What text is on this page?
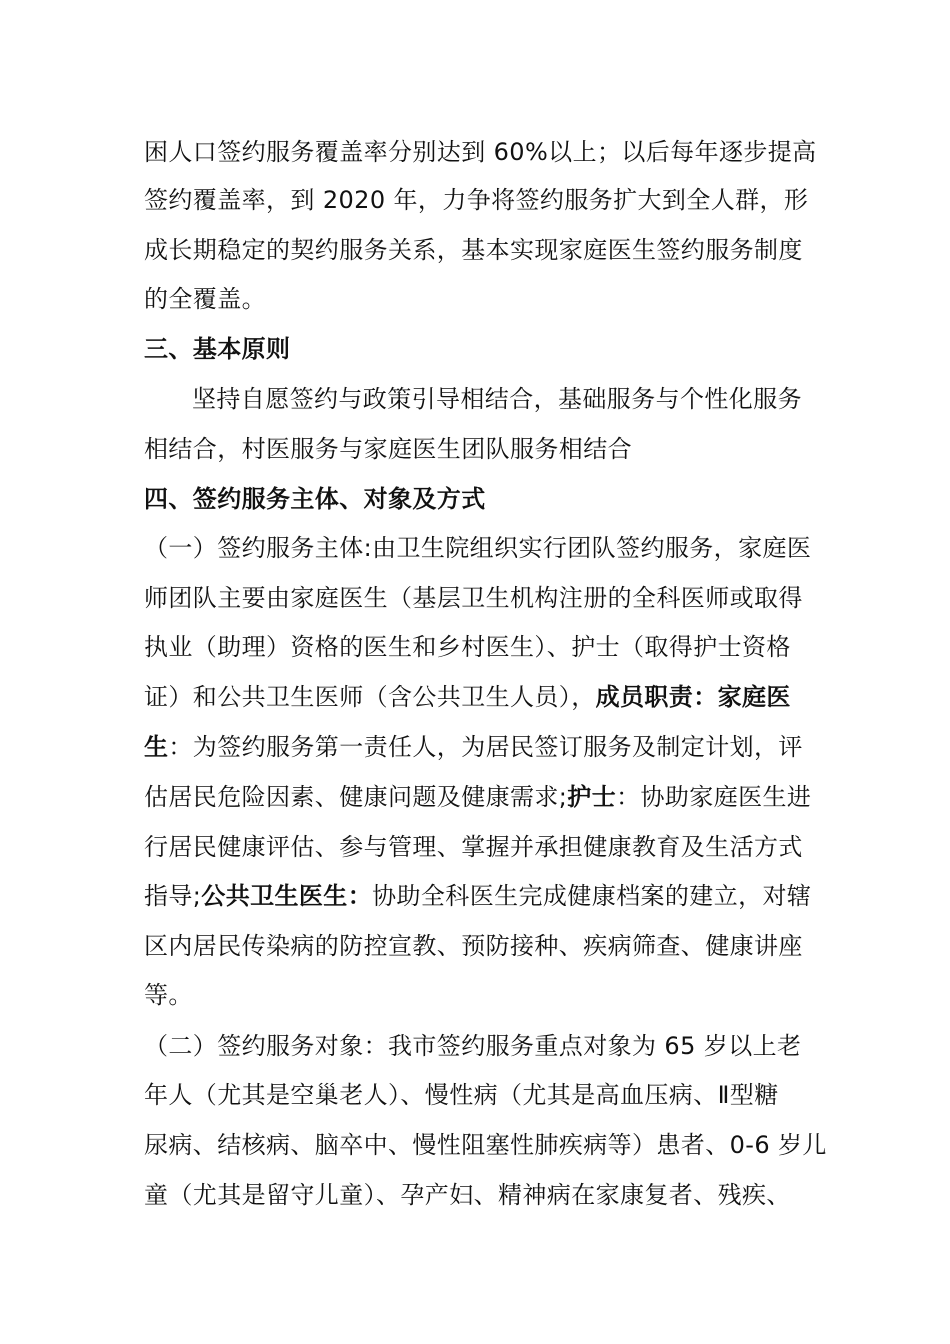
困人口签约服务覆盖率分别达到 60%以上；以后每年逐步提高
签约覆盖率，到 2020 年，力争将签约服务扩大到全人群，形
成长期稳定的契约服务关系，基本实现家庭医生签约服务制度
的全覆盖。
三、基本原则
坚持自愿签约与政策引导相结合，基础服务与个性化服务
相结合，村医服务与家庭医生团队服务相结合
四、签约服务主体、对象及方式
（一）签约服务主体:由卫生院组织实行团队签约服务，家庭医
师团队主要由家庭医生（基层卫生机构注册的全科医师或取得
执业（助理）资格的医生和乡村医生）、护士（取得护士资格
证）和公共卫生医师（含公共卫生人员），成员职责：家庭医
生：为签约服务第一责任人，为居民签订服务及制定计划，评
估居民危险因素、健康问题及健康需求;护士：协助家庭医生进
行居民健康评估、参与管理、掌握并承担健康教育及生活方式
指导;公共卫生医生：协助全科医生完成健康档案的建立，对辖
区内居民传染病的防控宣教、预防接种、疾病筛查、健康讲座
等。
（二）签约服务对象：我市签约服务重点对象为 65 岁以上老
年人（尤其是空巢老人）、慢性病（尤其是高血压病、Ⅱ型糖
尿病、结核病、脑卒中、慢性阻塞性肺疾病等）患者、0-6 岁儿
童（尤其是留守儿童）、孕产妇、精神病在家康复者、残疾、
